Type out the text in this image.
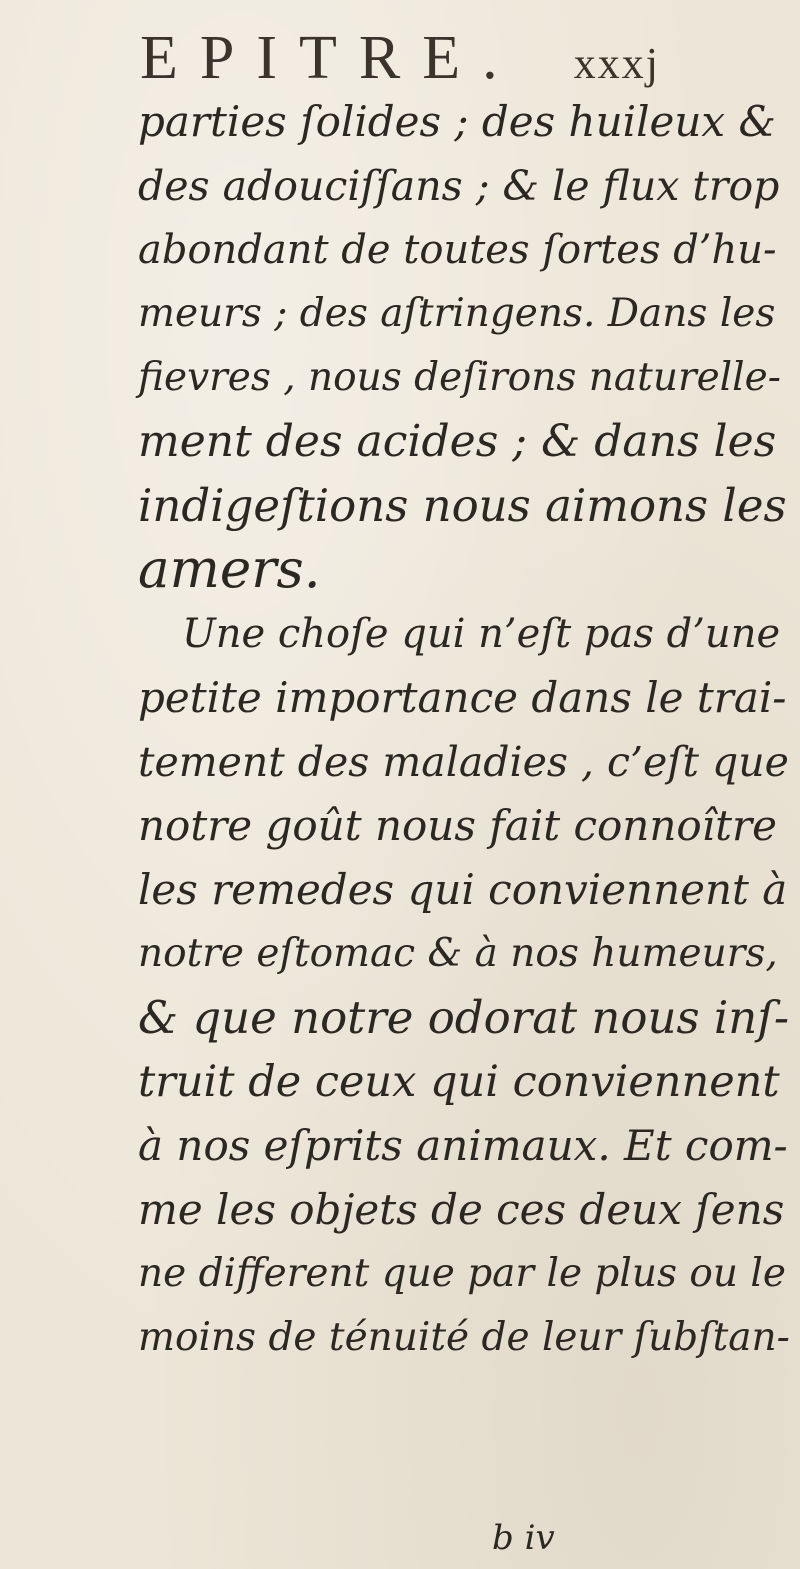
EPITRE. xxxj
parties ſolides ; des huileux &
des adouciſſans ; & le flux trop
abondant de toutes ſortes d’hu-
meurs ; des aſtringens. Dans les
fievres , nous deſirons naturelle-
ment des acides ; & dans les
indigeſtions nous aimons les
amers.
Une choſe qui n’eſt pas d’une
petite importance dans le trai-
tement des maladies , c’eſt que
notre goût nous fait connoître
les remedes qui conviennent à
notre eſtomac & à nos humeurs,
& que notre odorat nous inſ-
truit de ceux qui conviennent
à nos eſprits animaux. Et com-
me les objets de ces deux ſens
ne different que par le plus ou le
moins de ténuité de leur ſubſtan-
b iv
